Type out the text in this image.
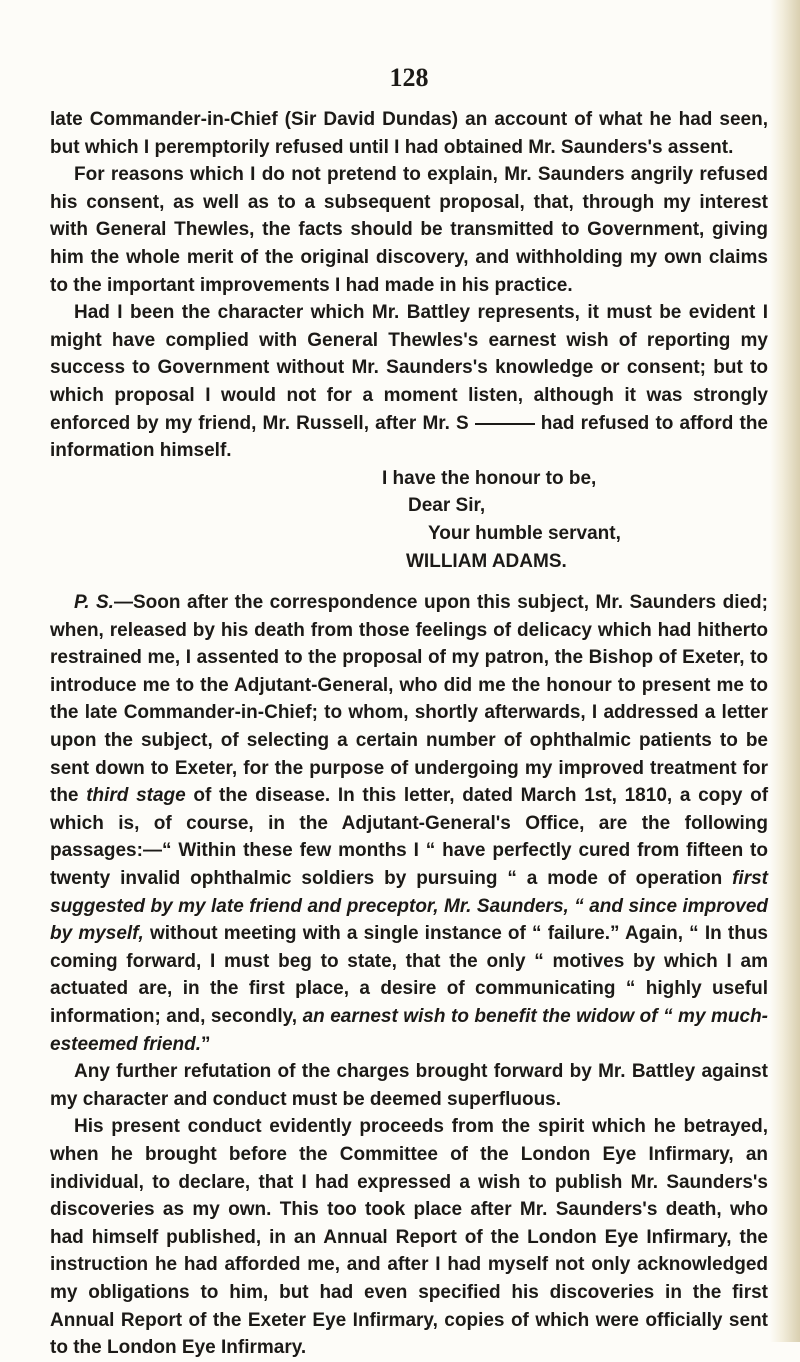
128

late Commander-in-Chief (Sir David Dundas) an account of what he had seen, but which I peremptorily refused until I had obtained Mr. Saunders's assent.

For reasons which I do not pretend to explain, Mr. Saunders angrily refused his consent, as well as to a subsequent proposal, that, through my interest with General Thewles, the facts should be transmitted to Government, giving him the whole merit of the original discovery, and withholding my own claims to the important improvements I had made in his practice.

Had I been the character which Mr. Battley represents, it must be evident I might have complied with General Thewles's earnest wish of reporting my success to Government without Mr. Saunders's knowledge or consent; but to which proposal I would not for a moment listen, although it was strongly enforced by my friend, Mr. Russell, after Mr. S	had refused to afford the information himself.

I have the honour to be,
Dear Sir,
Your humble servant,
WILLIAM ADAMS.

P. S.—Soon after the correspondence upon this subject, Mr. Saunders died; when, released by his death from those feelings of delicacy which had hitherto restrained me, I assented to the proposal of my patron, the Bishop of Exeter, to introduce me to the Adjutant-General, who did me the honour to present me to the late Commander-in-Chief; to whom, shortly afterwards, I addressed a letter upon the subject, of selecting a certain number of ophthalmic patients to be sent down to Exeter, for the purpose of undergoing my improved treatment for the third stage of the disease. In this letter, dated March 1st, 1810, a copy of which is, of course, in the Adjutant-General's Office, are the following passages:—“ Within these few months I “ have perfectly cured from fifteen to twenty invalid ophthalmic soldiers by pursuing “ a mode of operation first suggested by my late friend and preceptor, Mr. Saunders, “ and since improved by myself, without meeting with a single instance of “ failure.” Again, “ In thus coming forward, I must beg to state, that the only “ motives by which I am actuated are, in the first place, a desire of communicating “ highly useful information; and, secondly, an earnest wish to benefit the widow of “ my much-esteemed friend.”

Any further refutation of the charges brought forward by Mr. Battley against my character and conduct must be deemed superfluous.

His present conduct evidently proceeds from the spirit which he betrayed, when he brought before the Committee of the London Eye Infirmary, an individual, to declare, that I had expressed a wish to publish Mr. Saunders's discoveries as my own. This too took place after Mr. Saunders's death, who had himself published, in an Annual Report of the London Eye Infirmary, the instruction he had afforded me, and after I had myself not only acknowledged my obligations to him, but had even specified his discoveries in the first Annual Report of the Exeter Eye Infirmary, copies of which were officially sent to the London Eye Infirmary.
